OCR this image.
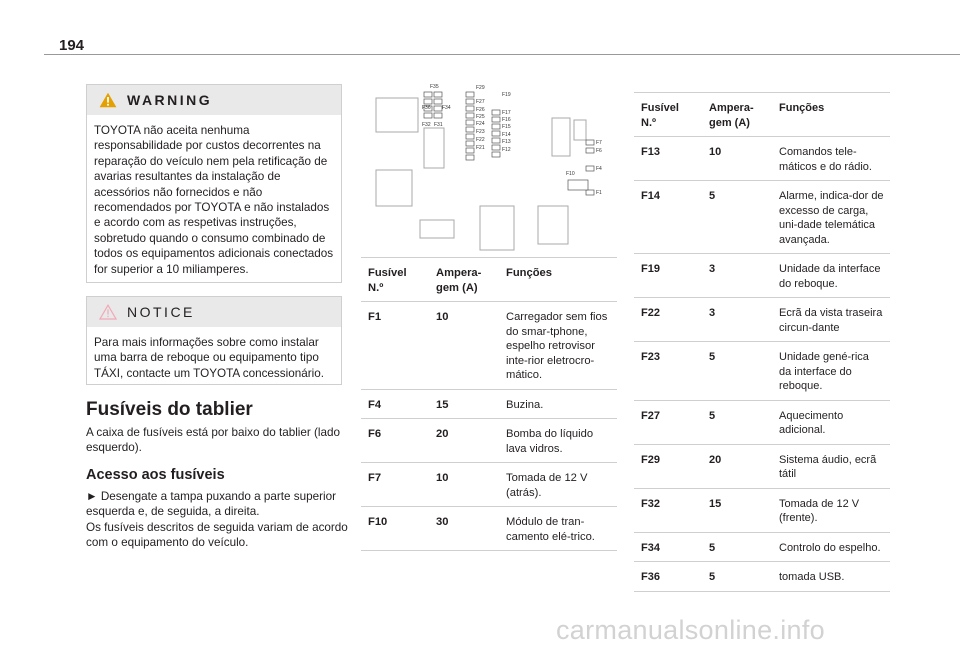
194
WARNING
TOYOTA não aceita nenhuma responsabilidade por custos decorrentes na reparação do veículo nem pela retificação de avarias resultantes da instalação de acessórios não fornecidos e não recomendados por TOYOTA e não instalados e acordo com as respetivas instruções, sobretudo quando o consumo combinado de todos os equipamentos adicionais conectados for superior a 10 miliamperes.
NOTICE
Para mais informações sobre como instalar uma barra de reboque ou equipamento tipo TÁXI, contacte um TOYOTA concessionário.
Fusíveis do tablier
A caixa de fusíveis está por baixo do tablier (lado esquerdo).
Acesso aos fusíveis
► Desengate a tampa puxando a parte superior esquerda e, de seguida, a direita.
Os fusíveis descritos de seguida variam de acordo com o equipamento do veículo.
F35	F29
F19
F36 F34
F27
F26	F17
F25	F16
F32 F31	F24	F15
F23	F14
F22	F13
F21	F12
F7
F6
F10
F4
F1
Fusível N.º	Ampera-gem (A)	Funções
F1	10	Carregador sem fios do smar-tphone, espelho retrovisor inte-rior eletrocro-mático.
F4	15	Buzina.
F6	20	Bomba do líquido lava vidros.
F7	10	Tomada de 12 V (atrás).
F10	30	Módulo de tran-camento elé-trico.
Fusível N.º	Ampera-gem (A)	Funções
F13	10	Comandos tele-máticos e do rádio.
F14	5	Alarme, indica-dor de excesso de carga, uni-dade telemática avançada.
F19	3	Unidade da interface do reboque.
F22	3	Ecrã da vista traseira circun-dante
F23	5	Unidade gené-rica da interface do reboque.
F27	5	Aquecimento adicional.
F29	20	Sistema áudio, ecrã tátil
F32	15	Tomada de 12 V (frente).
F34	5	Controlo do espelho.
F36	5	tomada USB.
carmanualsonline.info
